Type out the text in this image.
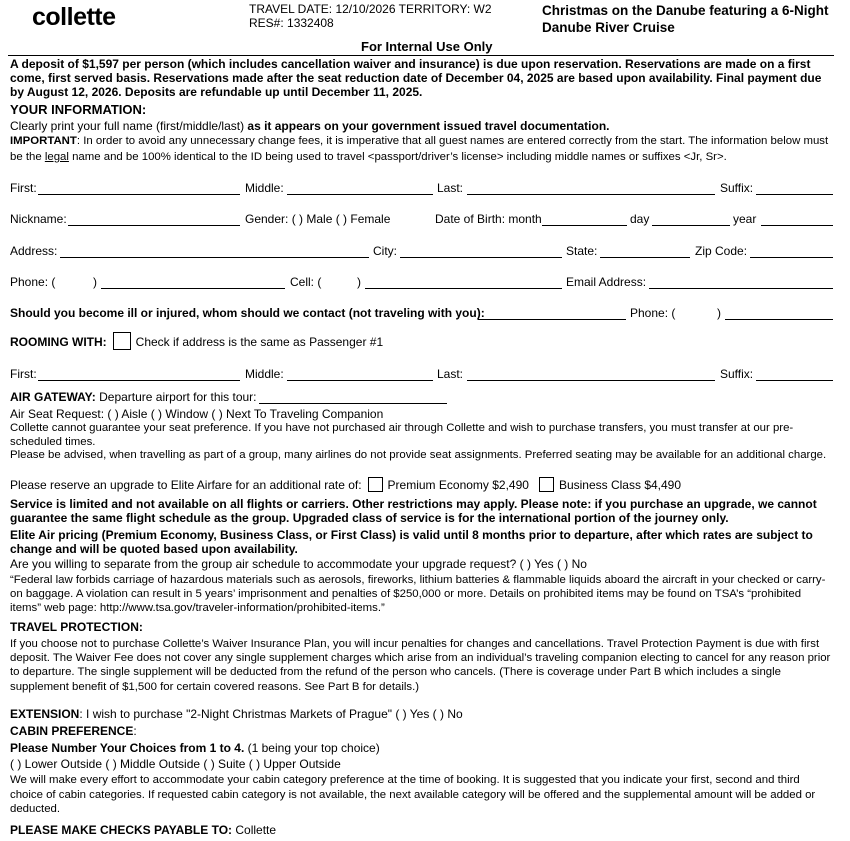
collette	TRAVEL DATE: 12/10/2026 TERRITORY: W2
RES#: 1332408
Christmas on the Danube featuring a 6-Night
Danube River Cruise
For Internal Use Only
A deposit of $1,597 per person (which includes cancellation waiver and insurance) is due upon reservation. Reservations are made on a first come, first served basis. Reservations made after the seat reduction date of December 04, 2025 are based upon availability. Final payment due by August 12, 2026. Deposits are refundable up until December 11, 2025.
YOUR INFORMATION:
Clearly print your full name (first/middle/last) as it appears on your government issued travel documentation.
IMPORTANT: In order to avoid any unnecessary change fees, it is imperative that all guest names are entered correctly from the start. The information below must be the legal name and be 100% identical to the ID being used to travel <passport/driver’s license> including middle names or suffixes <Jr, Sr>.
First:	Middle:	Last:	Suffix:
Nickname:	Gender: ( ) Male ( ) Female	Date of Birth: month	day	year
Address:	City:	State:	Zip Code:
Phone: (	)	Cell: (	)	Email Address:
Should you become ill or injured, whom should we contact (not traveling with you):	Phone: (	)
ROOMING WITH: Check if address is the same as Passenger #1
First:	Middle:	Last:	Suffix:
AIR GATEWAY: Departure airport for this tour:
Air Seat Request: ( ) Aisle ( ) Window ( ) Next To Traveling Companion
Collette cannot guarantee your seat preference. If you have not purchased air through Collette and wish to purchase transfers, you must transfer at our pre-scheduled times.
Please be advised, when travelling as part of a group, many airlines do not provide seat assignments. Preferred seating may be available for an additional charge.
Please reserve an upgrade to Elite Airfare for an additional rate of: Premium Economy $2,490	Business Class $4,490
Service is limited and not available on all flights or carriers. Other restrictions may apply. Please note: if you purchase an upgrade, we cannot guarantee the same flight schedule as the group. Upgraded class of service is for the international portion of the journey only.
Elite Air pricing (Premium Economy, Business Class, or First Class) is valid until 8 months prior to departure, after which rates are subject to change and will be quoted based upon availability.
Are you willing to separate from the group air schedule to accommodate your upgrade request? ( ) Yes ( ) No
“Federal law forbids carriage of hazardous materials such as aerosols, fireworks, lithium batteries & flammable liquids aboard the aircraft in your checked or carry-on baggage. A violation can result in 5 years’ imprisonment and penalties of $250,000 or more. Details on prohibited items may be found on TSA’s “prohibited items” web page: http://www.tsa.gov/traveler-information/prohibited-items.”
TRAVEL PROTECTION:
If you choose not to purchase Collette’s Waiver Insurance Plan, you will incur penalties for changes and cancellations. Travel Protection Payment is due with first deposit. The Waiver Fee does not cover any single supplement charges which arise from an individual’s traveling companion electing to cancel for any reason prior to departure. The single supplement will be deducted from the refund of the person who cancels. (There is coverage under Part B which includes a single supplement benefit of $1,500 for certain covered reasons. See Part B for details.)
EXTENSION: I wish to purchase "2-Night Christmas Markets of Prague" ( ) Yes ( ) No
CABIN PREFERENCE:
Please Number Your Choices from 1 to 4. (1 being your top choice)
( ) Lower Outside ( ) Middle Outside ( ) Suite ( ) Upper Outside
We will make every effort to accommodate your cabin category preference at the time of booking. It is suggested that you indicate your first, second and third choice of cabin categories. If requested cabin category is not available, the next available category will be offered and the supplemental amount will be added or deducted.
PLEASE MAKE CHECKS PAYABLE TO: Collette
